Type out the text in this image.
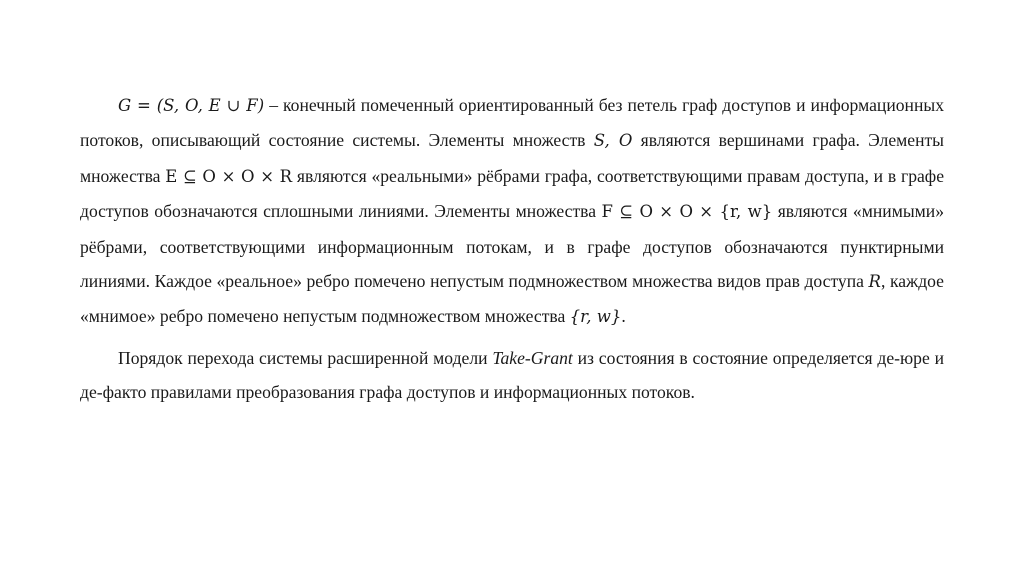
G = (S, O, E ∪ F) – конечный помеченный ориентированный без петель граф доступов и информационных потоков, описывающий состояние системы. Элементы множеств S, O являются вершинами графа. Элементы множества E ⊆ O × O × R являются «реальными» рёбрами графа, соответствующими правам доступа, и в графе доступов обозначаются сплошными линиями. Элементы множества F ⊆ O × O × {r, w} являются «мнимыми» рёбрами, соответствующими информационным потокам, и в графе доступов обозначаются пунктирными линиями. Каждое «реальное» ребро помечено непустым подмножеством множества видов прав доступа R, каждое «мнимое» ребро помечено непустым подмножеством множества {r, w}.

Порядок перехода системы расширенной модели Take-Grant из состояния в состояние определяется де-юре и де-факто правилами преобразования графа доступов и информационных потоков.
